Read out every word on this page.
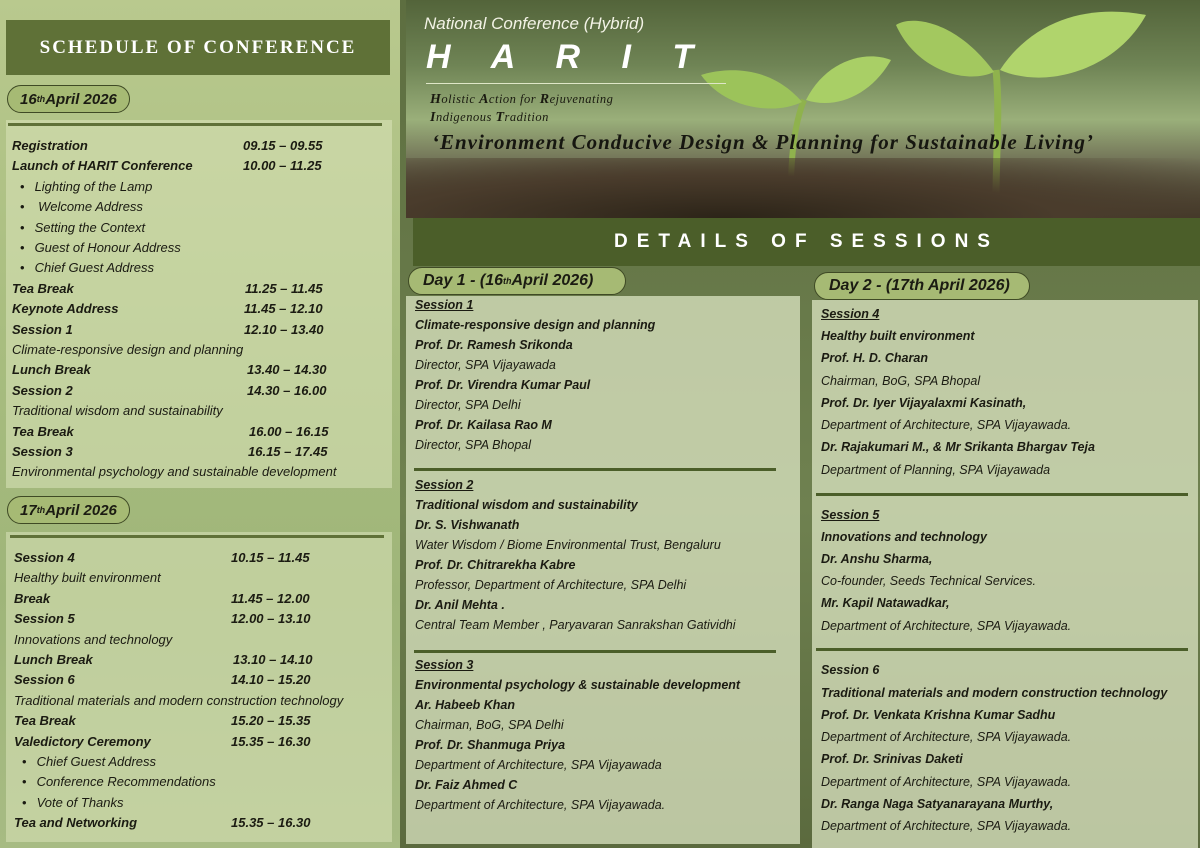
SCHEDULE OF CONFERENCE
16 th April 2026
Registration	09.15 – 09.55
Launch of HARIT Conference	10.00 – 11.25
• Lighting of the Lamp
• Welcome Address
• Setting the Context
• Guest of Honour Address
• Chief Guest Address
Tea Break	11.25 – 11.45
Keynote Address	11.45 – 12.10
Session 1	12.10 – 13.40
Climate-responsive design and planning
Lunch Break	13.40 – 14.30
Session 2	14.30 – 16.00
Traditional wisdom and sustainability
Tea Break	16.00 – 16.15
Session 3	16.15 – 17.45
Environmental psychology and sustainable development
17 th April 2026
Session 4	10.15 – 11.45
Healthy built environment
Break	11.45 – 12.00
Session 5	12.00 – 13.10
Innovations and technology
Lunch Break	13.10 – 14.10
Session 6	14.10 – 15.20
Traditional materials and modern construction technology
Tea Break	15.20 – 15.35
Valedictory Ceremony	15.35 – 16.30
• Chief Guest Address
• Conference Recommendations
• Vote of Thanks
Tea and Networking	15.35 – 16.30
National Conference (Hybrid)
H A R I T
Holistic Action for Rejuvenating
Indigenous Tradition
‘Environment Conducive Design & Planning for Sustainable Living’
DETAILS OF SESSIONS
Day 1 - (16 th April 2026)	Day 2 - (17th April 2026)
Session 1
Climate-responsive design and planning
Prof. Dr. Ramesh Srikonda
Director, SPA Vijayawada
Prof. Dr. Virendra Kumar Paul
Director, SPA Delhi
Prof. Dr. Kailasa Rao M
Director, SPA Bhopal
Session 2
Traditional wisdom and sustainability
Dr. S. Vishwanath
Water Wisdom / Biome Environmental Trust, Bengaluru
Prof. Dr. Chitrarekha Kabre
Professor, Department of Architecture, SPA Delhi
Dr. Anil Mehta .
Central Team Member , Paryavaran Sanrakshan Gatividhi
Session 3
Environmental psychology & sustainable development
Ar. Habeeb Khan
Chairman, BoG, SPA Delhi
Prof. Dr. Shanmuga Priya
Department of Architecture, SPA Vijayawada
Dr. Faiz Ahmed C
Department of Architecture, SPA Vijayawada.
Session 4
Healthy built environment
Prof. H. D. Charan
Chairman, BoG, SPA Bhopal
Prof. Dr. Iyer Vijayalaxmi Kasinath,
Department of Architecture, SPA Vijayawada.
Dr. Rajakumari M., & Mr Srikanta Bhargav Teja
Department of Planning, SPA Vijayawada
Session 5
Innovations and technology
Dr. Anshu Sharma,
Co-founder, Seeds Technical Services.
Mr. Kapil Natawadkar,
Department of Architecture, SPA Vijayawada.
Session 6
Traditional materials and modern construction technology
Prof. Dr. Venkata Krishna Kumar Sadhu
Department of Architecture, SPA Vijayawada.
Prof. Dr. Srinivas Daketi
Department of Architecture, SPA Vijayawada.
Dr. Ranga Naga Satyanarayana Murthy,
Department of Architecture, SPA Vijayawada.
